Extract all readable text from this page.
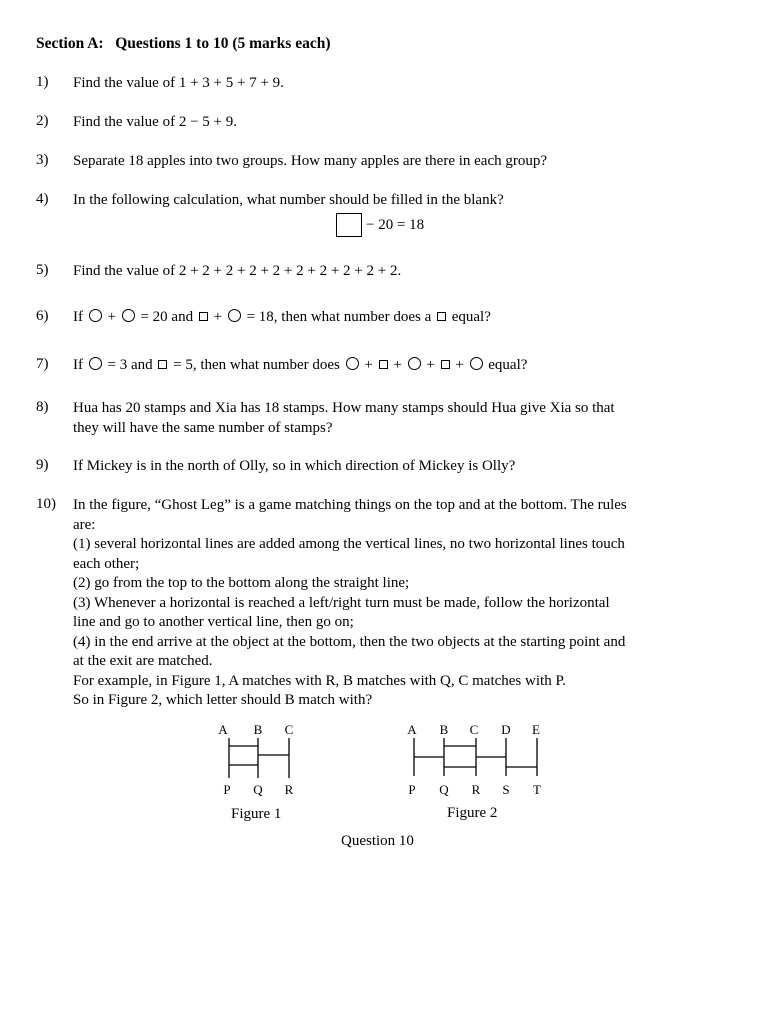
Section A:   Questions 1 to 10 (5 marks each)
1) Find the value of 1 + 3 + 5 + 7 + 9.
2) Find the value of 2 − 5 + 9.
3) Separate 18 apples into two groups. How many apples are there in each group?
4) In the following calculation, what number should be filled in the blank?
− 20 = 18
5) Find the value of 2 + 2 + 2 + 2 + 2 + 2 + 2 + 2 + 2 + 2.
6) If + = 20 and + = 18, then what number does a equal?
7) If = 3 and = 5, then what number does + + + + equal?
8) Hua has 20 stamps and Xia has 18 stamps. How many stamps should Hua give Xia so that
they will have the same number of stamps?
9) If Mickey is in the north of Olly, so in which direction of Mickey is Olly?
10) In the figure, “Ghost Leg” is a game matching things on the top and at the bottom. The rules
are:
(1) several horizontal lines are added among the vertical lines, no two horizontal lines touch
each other;
(2) go from the top to the bottom along the straight line;
(3) Whenever a horizontal is reached a left/right turn must be made, follow the horizontal
line and go to another vertical line, then go on;
(4) in the end arrive at the object at the bottom, then the two objects at the starting point and
at the exit are matched.
For example, in Figure 1, A matches with R, B matches with Q, C matches with P.
So in Figure 2, which letter should B match with?
A B C
P Q R
Figure 1
A B C D E
P Q R S T
Figure 2
Question 10
